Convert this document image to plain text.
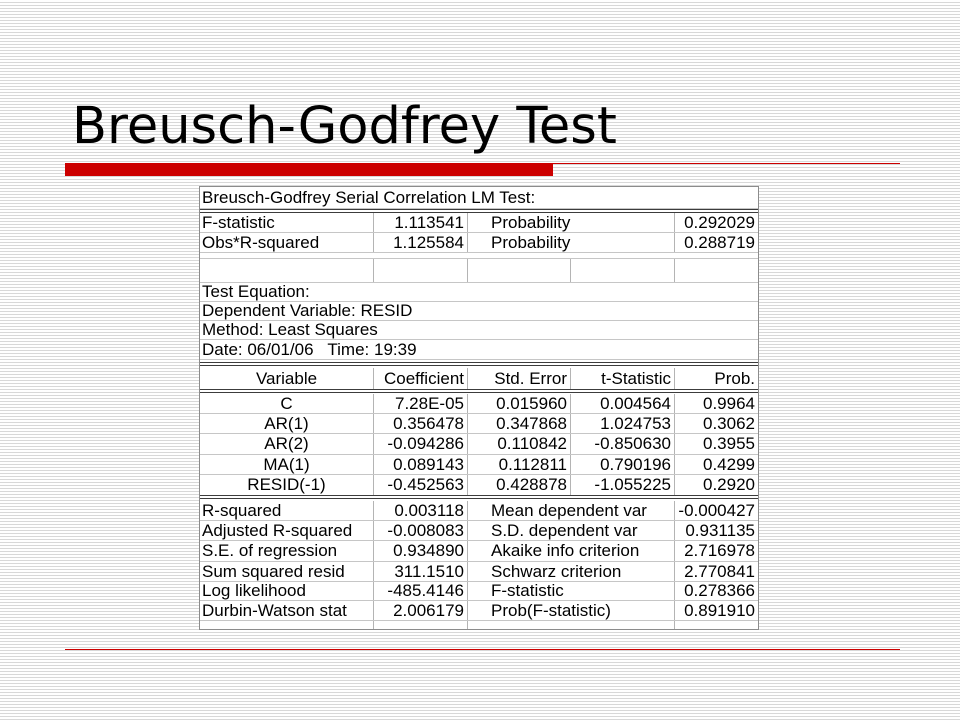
Breusch-Godfrey Test
Breusch-Godfrey Serial Correlation LM Test:
F-statistic	1.113541	Probability	0.292029
Obs*R-squared	1.125584	Probability	0.288719
Test Equation:
Dependent Variable: RESID
Method: Least Squares
Date: 06/01/06   Time: 19:39
Variable	Coefficient	Std. Error	t-Statistic	Prob.
C	7.28E-05	0.015960	0.004564	0.9964
AR(1)	0.356478	0.347868	1.024753	0.3062
AR(2)	-0.094286	0.110842	-0.850630	0.3955
MA(1)	0.089143	0.112811	0.790196	0.4299
RESID(-1)	-0.452563	0.428878	-1.055225	0.2920
R-squared	0.003118	Mean dependent var	-0.000427
Adjusted R-squared	-0.008083	S.D. dependent var	0.931135
S.E. of regression	0.934890	Akaike info criterion	2.716978
Sum squared resid	311.1510	Schwarz criterion	2.770841
Log likelihood	-485.4146	F-statistic	0.278366
Durbin-Watson stat	2.006179	Prob(F-statistic)	0.891910
